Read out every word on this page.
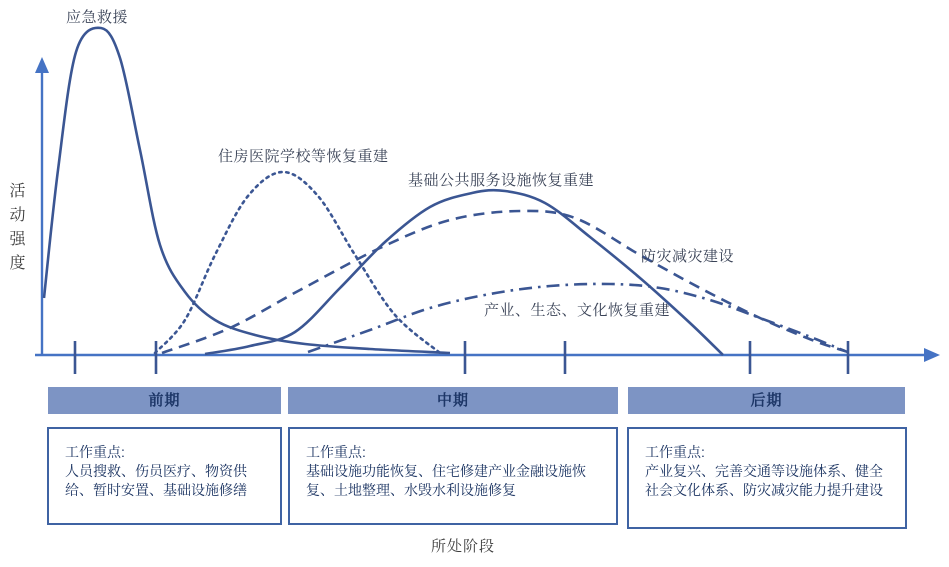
应急救援
住房医院学校等恢复重建
基础公共服务设施恢复重建
防灾减灾建设
产业、生态、文化恢复重建
活动强度
所处阶段
前期	中期	后期

工作重点:

人员搜救、伤员医疗、物资供给、暂时安置、基础设施修缮

工作重点:

基础设施功能恢复、住宅修建产业金融设施恢复、土地整理、水毁水利设施修复

工作重点:

产业复兴、完善交通等设施体系、健全社会文化体系、防灾减灾能力提升建设
